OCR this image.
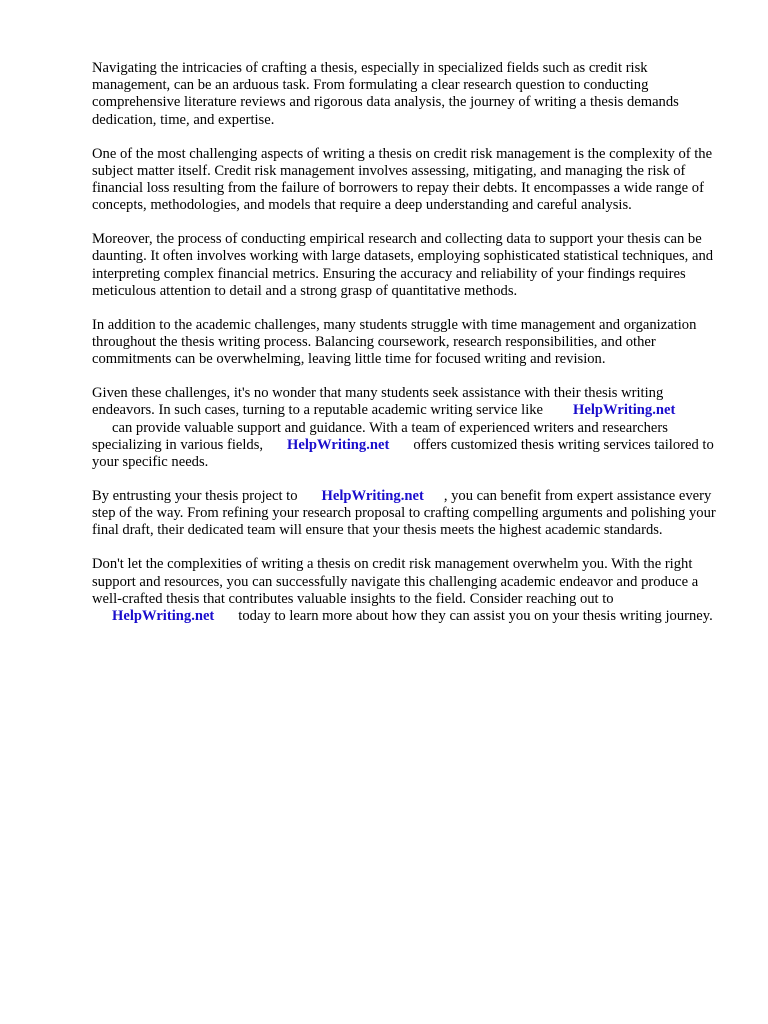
Navigating the intricacies of crafting a thesis, especially in specialized fields such as credit risk management, can be an arduous task. From formulating a clear research question to conducting comprehensive literature reviews and rigorous data analysis, the journey of writing a thesis demands dedication, time, and expertise.

One of the most challenging aspects of writing a thesis on credit risk management is the complexity of the subject matter itself. Credit risk management involves assessing, mitigating, and managing the risk of financial loss resulting from the failure of borrowers to repay their debts. It encompasses a wide range of concepts, methodologies, and models that require a deep understanding and careful analysis.

Moreover, the process of conducting empirical research and collecting data to support your thesis can be daunting. It often involves working with large datasets, employing sophisticated statistical techniques, and interpreting complex financial metrics. Ensuring the accuracy and reliability of your findings requires meticulous attention to detail and a strong grasp of quantitative methods.

In addition to the academic challenges, many students struggle with time management and organization throughout the thesis writing process. Balancing coursework, research responsibilities, and other commitments can be overwhelming, leaving little time for focused writing and revision.

Given these challenges, it's no wonder that many students seek assistance with their thesis writing endeavors. In such cases, turning to a reputable academic writing service like HelpWriting.net
can provide valuable support and guidance. With a team of experienced writers and researchers specializing in various fields, HelpWriting.net offers customized thesis writing services tailored to your specific needs.

By entrusting your thesis project to HelpWriting.net , you can benefit from expert assistance every step of the way. From refining your research proposal to crafting compelling arguments and polishing your final draft, their dedicated team will ensure that your thesis meets the highest academic standards.

Don't let the complexities of writing a thesis on credit risk management overwhelm you. With the right support and resources, you can successfully navigate this challenging academic endeavor and produce a well-crafted thesis that contributes valuable insights to the field. Consider reaching out to
HelpWriting.net today to learn more about how they can assist you on your thesis writing journey.
